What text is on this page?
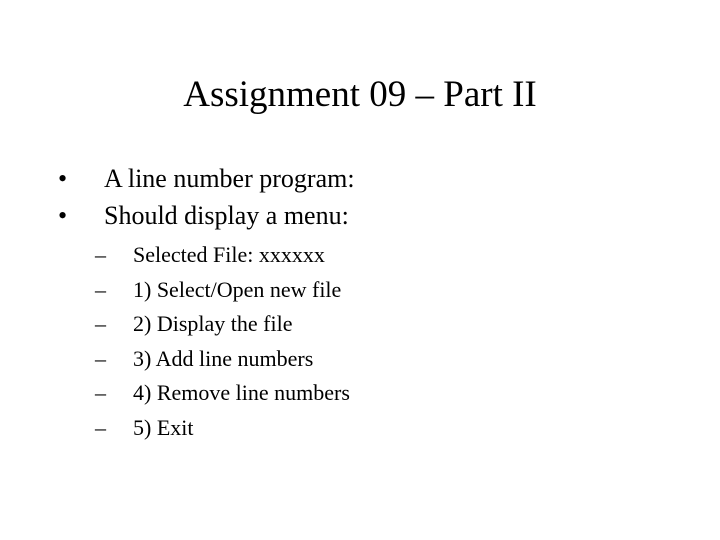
Assignment 09 – Part II
•	A line number program:
•	Should display a menu:
–	Selected File: xxxxxx
–	1) Select/Open new file
–	2) Display the file
–	3) Add line numbers
–	4) Remove line numbers
–	5) Exit
